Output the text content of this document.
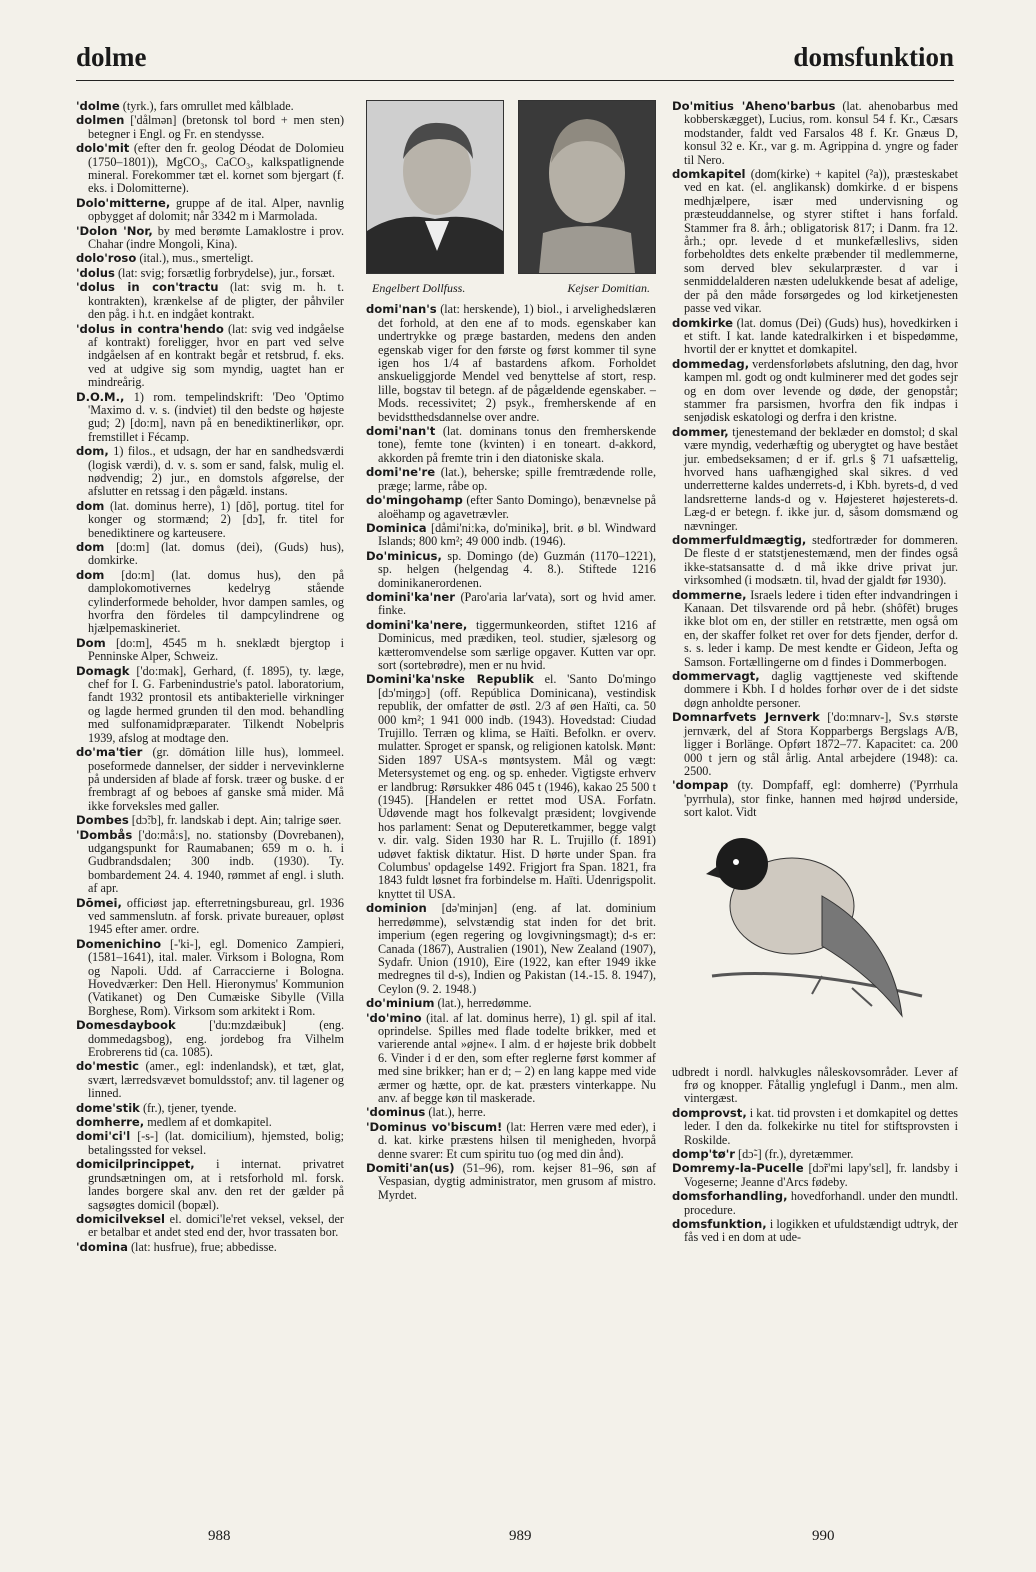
dolme	domsfunktion
'dolme (tyrk.), fars omrullet med kålblade.
dolmen ['dålmən] (bretonsk tol bord + men sten) betegner i Engl. og Fr. en stendysse.
dolo'mit (efter den fr. geolog Déodat de Dolomieu (1750–1801)), MgCO₃, CaCO₃, kalkspatlignende mineral. Forekommer tæt el. kornet som bjergart (f. eks. i Dolomitterne).
Dolo'mitterne, gruppe af de ital. Alper, navnlig opbygget af dolomit; når 3342 m i Marmolada.
'Dolon 'Nor, by med berømte Lamaklostre i prov. Chahar (indre Mongoli, Kina).
dolo'roso (ital.), mus., smerteligt.
'dolus (lat: svig; forsætlig forbrydelse), jur., forsæt.
'dolus in con'tractu (lat: svig m. h. t. kontrakten), krænkelse af de pligter, der påhviler den påg. i h.t. en indgået kontrakt.
'dolus in contra'hendo (lat: svig ved indgåelse af kontrakt) foreligger, hvor en part ved selve indgåelsen af en kontrakt begår et retsbrud, f. eks. ved at udgive sig som myndig, uagtet han er mindreårig.
D.O.M., 1) rom. tempelindskrift: 'Deo 'Optimo 'Maximo d. v. s. (indviet) til den bedste og højeste gud; 2) [do:m], navn på en benediktinerlikør, opr. fremstillet i Fécamp.
dom, 1) filos., et udsagn, der har en sandhedsværdi (logisk værdi), d. v. s. som er sand, falsk, mulig el. nødvendig; 2) jur., en domstols afgørelse, der afslutter en retssag i den pågæld. instans.
dom (lat. dominus herre), 1) [dõ], portug. titel for konger og stormænd; 2) [dɔ̃], fr. titel for benediktinere og karteusere.
dom [do:m] (lat. domus (dei), (Guds) hus), domkirke.
dom [do:m] (lat. domus hus), den på damplokomotivernes kedelryg stående cylinderformede beholder, hvor dampen samles, og hvorfra den fördeles til dampcylindrene og hjælpemaskineriet.
Dom [do:m], 4545 m h. sneklædt bjergtop i Penninske Alper, Schweiz.
Domagk ['do:mak], Gerhard, (f. 1895), ty. læge, chef for I. G. Farbenindustrie's patol. laboratorium, fandt 1932 prontosil ets antibakterielle virkninger og lagde hermed grunden til den mod. behandling med sulfonamidpræparater. Tilkendt Nobelpris 1939, afslog at modtage den.
do'ma'tier (gr. dōmátion lille hus), lommeel. poseformede dannelser, der sidder i nervevinklerne på undersiden af blade af forsk. træer og buske. d er frembragt af og beboes af ganske små mider. Må ikke forveksles med galler.
Dombes [dɔ̃:b], fr. landskab i dept. Ain; talrige søer.
'Dombås ['do:må:s], no. stationsby (Dovrebanen), udgangspunkt for Raumabanen; 659 m o. h. i Gudbrandsdalen; 300 indb. (1930). Ty. bombardement 24. 4. 1940, rømmet af engl. i sluth. af apr.
Dōmei, officiøst jap. efterretningsbureau, grl. 1936 ved sammenslutn. af forsk. private bureauer, opløst 1945 efter amer. ordre.
Domenichino [-'ki-], egl. Domenico Zampieri, (1581–1641), ital. maler. Virksom i Bologna, Rom og Napoli. Udd. af Carraccierne i Bologna. Hovedværker: Den Hell. Hieronymus' Kommunion (Vatikanet) og Den Cumæiske Sibylle (Villa Borghese, Rom). Virksom som arkitekt i Rom.
Domesdaybook ['du:mzdæibuk] (eng. dommedagsbog), eng. jordebog fra Vilhelm Erobrerens tid (ca. 1085).
do'mestic (amer., egl: indenlandsk), et tæt, glat, svært, lærredsvævet bomuldsstof; anv. til lagener og linned.
dome'stik (fr.), tjener, tyende.
domherre, medlem af et domkapitel.
domi'ci'l [-s-] (lat. domicilium), hjemsted, bolig; betalingssted for veksel.
domicilprincippet, i internat. privatret grundsætningen om, at i retsforhold ml. forsk. landes borgere skal anv. den ret der gælder på sagsøgtes domicil (bopæl).
domicilveksel el. domici'le'ret veksel, veksel, der er betalbar et andet sted end der, hvor trassaten bor.
'domina (lat: husfrue), frue; abbedisse.
Engelbert Dollfuss.	Kejser Domitian.
domi'nan's (lat: herskende), 1) biol., i arvelighedslæren det forhold, at den ene af to mods. egenskaber kan undertrykke og præge bastarden, medens den anden egenskab viger for den første og først kommer til syne igen hos 1/4 af bastardens afkom. Forholdet anskueliggjorde Mendel ved benyttelse af stort, resp. lille, bogstav til betegn. af de pågældende egenskaber. – Mods. recessivitet; 2) psyk., fremherskende af en bevidstthedsdannelse over andre.
domi'nan't (lat. dominans tonus den fremherskende tone), femte tone (kvinten) i en toneart. d-akkord, akkorden på fremte trin i den diatoniske skala.
domi'ne're (lat.), beherske; spille fremtrædende rolle, præge; larme, råbe op.
do'mingohamp (efter Santo Domingo), benævnelse på aloëhamp og agavetrævler.
Dominica [dåmi'ni:kə, do'minikə], brit. ø bl. Windward Islands; 800 km²; 49 000 indb. (1946).
Do'minicus, sp. Domingo (de) Guzmán (1170–1221), sp. helgen (helgendag 4. 8.). Stiftede 1216 dominikanerordenen.
domini'ka'ner (Paro'aria lar'vata), sort og hvid amer. finke.
domini'ka'nere, tiggermunkeorden, stiftet 1216 af Dominicus, med prædiken, teol. studier, sjælesorg og kætteromvendelse som særlige opgaver. Kutten var opr. sort (sortebrødre), men er nu hvid.
Domini'ka'nske Republik el. 'Santo Do'mingo [dɔ'miŋgɔ] (off. República Dominicana), vestindisk republik, der omfatter de østl. 2/3 af øen Haïti, ca. 50 000 km²; 1 941 000 indb. (1943). Hovedstad: Ciudad Trujillo. Terræn og klima, se Haïti. Befolkn. er overv. mulatter. Sproget er spansk, og religionen katolsk. Mønt: Siden 1897 USA-s møntsystem. Mål og vægt: Metersystemet og eng. og sp. enheder. Vigtigste erhverv er landbrug: Rørsukker 486 045 t (1946), kakao 25 500 t (1945). [Handelen er rettet mod USA. Forfatn. Udøvende magt hos folkevalgt præsident; lovgivende hos parlament: Senat og Deputeretkammer, begge valgt v. dir. valg. Siden 1930 har R. L. Trujillo (f. 1891) udøvet faktisk diktatur. Hist. D hørte under Span. fra Columbus' opdagelse 1492. Frigjort fra Span. 1821, fra 1843 fuldt løsnet fra forbindelse m. Haïti. Udenrigspolit. knyttet til USA.
dominion [də'minjən] (eng. af lat. dominium herredømme), selvstændig stat inden for det brit. imperium (egen regering og lovgivningsmagt); d-s er: Canada (1867), Australien (1901), New Zealand (1907), Sydafr. Union (1910), Eire (1922, kan efter 1949 ikke medregnes til d-s), Indien og Pakistan (14.-15. 8. 1947), Ceylon (9. 2. 1948.)
do'minium (lat.), herredømme.
'do'mino (ital. af lat. dominus herre), 1) gl. spil af ital. oprindelse. Spilles med flade todelte brikker, med et varierende antal »øjne«. I alm. d er højeste brik dobbelt 6. Vinder i d er den, som efter reglerne først kommer af med sine brikker; han er d; – 2) en lang kappe med vide ærmer og hætte, opr. de kat. præsters vinterkappe. Nu anv. af begge køn til maskerade.
'dominus (lat.), herre.
'Dominus vo'biscum! (lat: Herren være med eder), i d. kat. kirke præstens hilsen til menigheden, hvorpå denne svarer: Et cum spiritu tuo (og med din ånd).
Domiti'an(us) (51–96), rom. kejser 81–96, søn af Vespasian, dygtig administrator, men grusom af mistro. Myrdet.
Do'mitius 'Aheno'barbus (lat. ahenobarbus med kobberskægget), Lucius, rom. konsul 54 f. Kr., Cæsars modstander, faldt ved Farsalos 48 f. Kr. Gnæus D, konsul 32 e. Kr., var g. m. Agrippina d. yngre og fader til Nero.
domkapitel (dom(kirke) + kapitel (²a)), præsteskabet ved en kat. (el. anglikansk) domkirke. d er bispens medhjælpere, især med undervisning og præsteuddannelse, og styrer stiftet i hans forfald. Stammer fra 8. årh.; obligatorisk 817; i Danm. fra 12. årh.; opr. levede d et munkefælleslivs, siden forbeholdtes dets enkelte præbender til medlemmerne, som derved blev sekularpræster. d var i senmiddelalderen næsten udelukkende besat af adelige, der på den måde forsørgedes og lod kirketjenesten passe ved vikar.
domkirke (lat. domus (Dei) (Guds) hus), hovedkirken i et stift. I kat. lande katedralkirken i et bispedømme, hvortil der er knyttet et domkapitel.
dommedag, verdensforløbets afslutning, den dag, hvor kampen ml. godt og ondt kulminerer med det godes sejr og en dom over levende og døde, der genopstår; stammer fra parsismen, hvorfra den fik indpas i senjødisk eskatologi og derfra i den kristne.
dommer, tjenestemand der beklæder en domstol; d skal være myndig, vederhæftig og uberygtet og have bestået jur. embedseksamen; d er if. grl.s § 71 uafsættelig, hvorved hans uafhængighed skal sikres. d ved underretterne kaldes underrets-d, i Kbh. byrets-d, d ved landsretterne lands-d og v. Højesteret højesterets-d. Læg-d er betegn. f. ikke jur. d, såsom domsmænd og nævninger.
dommerfuldmægtig, stedfortræder for dommeren. De fleste d er statstjenestemænd, men der findes også ikke-statsansatte d. d må ikke drive privat jur. virksomhed (i modsætn. til, hvad der gjaldt før 1930).
dommerne, Israels ledere i tiden efter indvandringen i Kanaan. Det tilsvarende ord på hebr. (shôfēt) bruges ikke blot om en, der stiller en retstrætte, men også om en, der skaffer folket ret over for dets fjender, derfor d. s. s. leder i kamp. De mest kendte er Gideon, Jefta og Samson. Fortællingerne om d findes i Dommerbogen.
dommervagt, daglig vagttjeneste ved skiftende dommere i Kbh. I d holdes forhør over de i det sidste døgn anholdte personer.
Domnarfvets Jernverk ['do:mnarv-], Sv.s største jernværk, del af Stora Kopparbergs Bergslags A/B, ligger i Borlänge. Opført 1872–77. Kapacitet: ca. 200 000 t jern og stål årlig. Antal arbejdere (1948): ca. 2500.
'dompap (ty. Dompfaff, egl: domherre) ('Pyrrhula 'pyrrhula), stor finke, hannen med højrød underside, sort kalot. Vidt
udbredt i nordl. halvkugles nåleskovsområder. Lever af frø og knopper. Fåtallig ynglefugl i Danm., men alm. vintergæst.
domprovst, i kat. tid provsten i et domkapitel og dettes leder. I den da. folkekirke nu titel for stiftsprovsten i Roskilde.
domp'tø'r [dɔ̃-] (fr.), dyretæmmer.
Domremy-la-Pucelle [dɔ̃r'mi lapy'sɛl], fr. landsby i Vogeserne; Jeanne d'Arcs fødeby.
domsforhandling, hovedforhandl. under den mundtl. procedure.
domsfunktion, i logikken et ufuldstændigt udtryk, der fås ved i en dom at ude-
988	989	990
